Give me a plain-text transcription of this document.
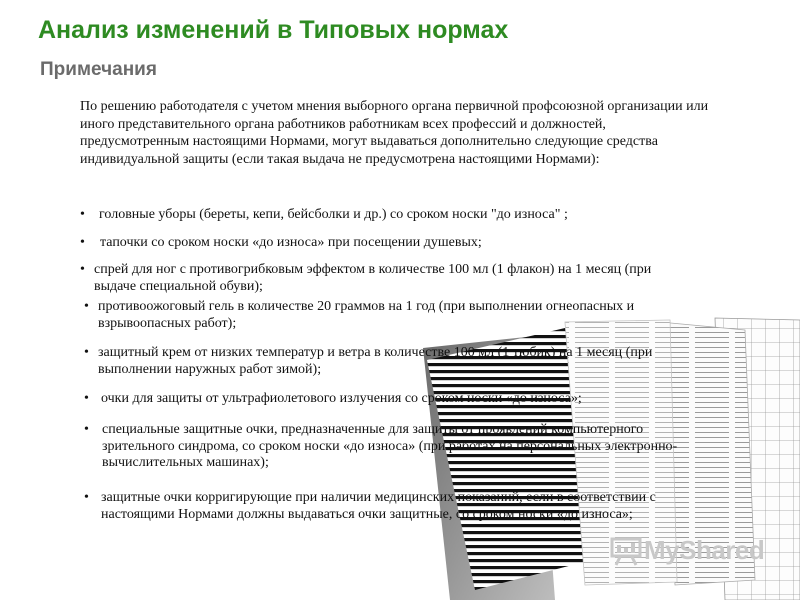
Анализ изменений в Типовых нормах
Примечания
По решению работодателя с учетом мнения выборного органа первичной профсоюзной организации или иного представительного органа работников работникам всех профессий и должностей, предусмотренным настоящими Нормами, могут выдаваться дополнительно следующие средства индивидуальной защиты (если такая выдача не предусмотрена настоящими Нормами):
• головные уборы (береты, кепи, бейсболки и др.) со сроком носки "до износа" ;
• тапочки со сроком носки «до износа» при посещении душевых;
• спрей для ног с противогрибковым эффектом в количестве 100 мл (1 флакон) на 1 месяц (при выдаче специальной обуви);
• противоожоговый гель в количестве 20 граммов на 1 год (при выполнении огнеопасных и взрывоопасных работ);
• защитный крем от низких температур и ветра в количестве 100 мл (1 тюбик) на 1 месяц (при выполнении наружных работ зимой);
• очки для защиты от ультрафиолетового излучения со сроком носки «до износа»;
• специальные защитные очки, предназначенные для защиты от проявлений компьютерного зрительного синдрома, со сроком носки «до износа» (при работах на персональных электронно-вычислительных машинах);
• защитные очки корригирующие при наличии медицинских показаний, если в соответствии с настоящими Нормами должны выдаваться очки защитные, со сроком носки «до износа»;
MyShared
